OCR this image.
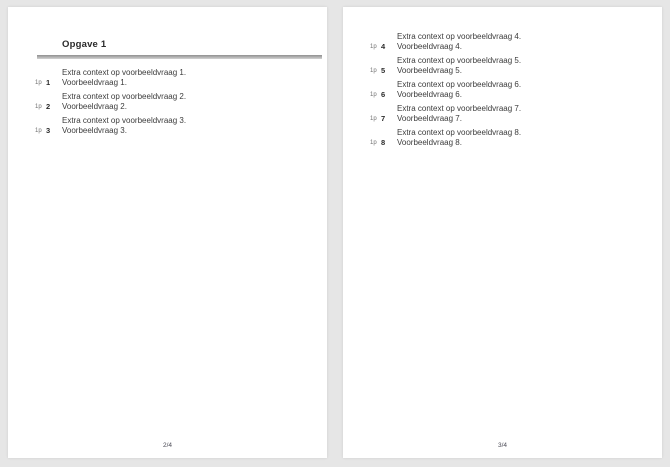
Opgave 1
Extra context op voorbeeldvraag 1.
1p 1 Voorbeeldvraag 1.
Extra context op voorbeeldvraag 2.
1p 2 Voorbeeldvraag 2.
Extra context op voorbeeldvraag 3.
1p 3 Voorbeeldvraag 3.
2/4
Extra context op voorbeeldvraag 4.
1p 4 Voorbeeldvraag 4.
Extra context op voorbeeldvraag 5.
1p 5 Voorbeeldvraag 5.
Extra context op voorbeeldvraag 6.
1p 6 Voorbeeldvraag 6.
Extra context op voorbeeldvraag 7.
1p 7 Voorbeeldvraag 7.
Extra context op voorbeeldvraag 8.
1p 8 Voorbeeldvraag 8.
3/4
